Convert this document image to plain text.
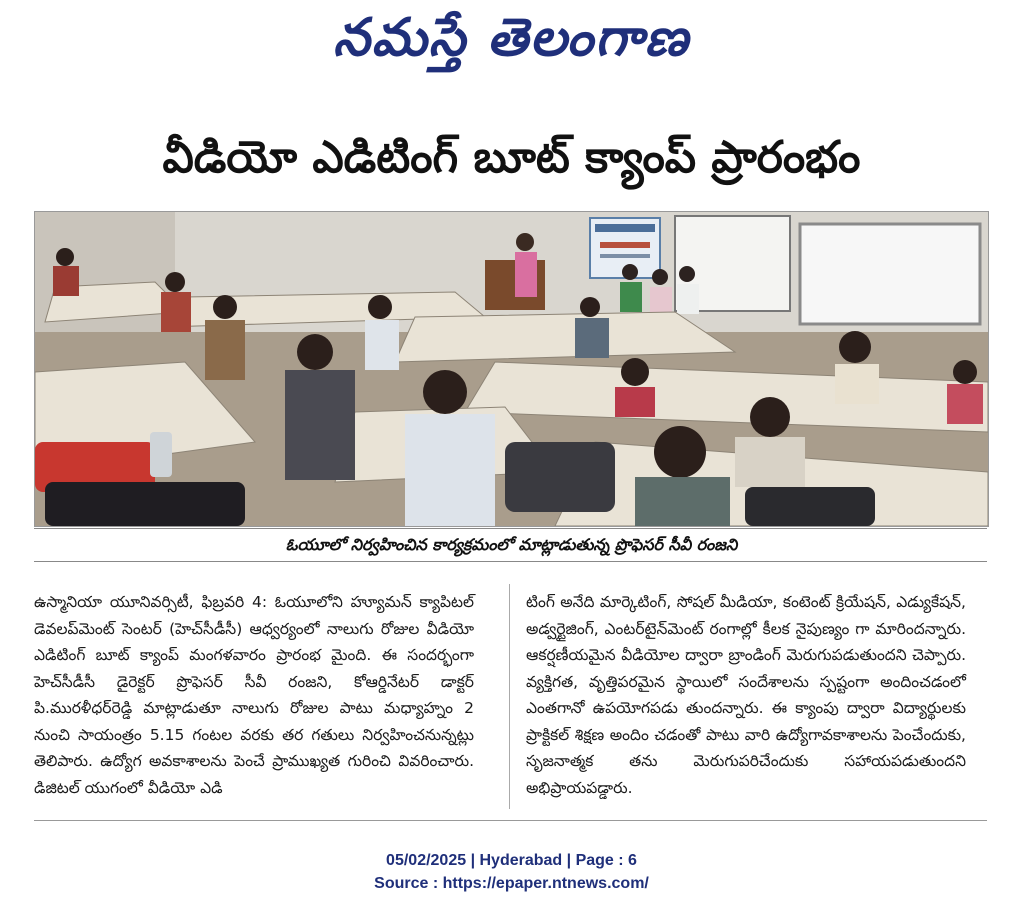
నమస్తే తెలంగాణ
వీడియో ఎడిటింగ్ బూట్ క్యాంప్ ప్రారంభం
ఓయూలో నిర్వహించిన కార్యక్రమంలో మాట్లాడుతున్న ప్రొఫెసర్ సీవీ రంజని
ఉస్మానియా యూనివర్సిటీ, ఫిబ్రవరి 4: ఓయూలోని హ్యూమన్ క్యాపిటల్ డెవలప్‌మెంట్ సెంటర్ (హెచ్‌సీడీసీ) ఆధ్వర్యంలో నాలుగు రోజుల వీడియో ఎడిటింగ్ బూట్ క్యాంప్ మంగళవారం ప్రారంభ మైంది. ఈ సందర్భంగా హెచ్‌సీడీసీ డైరెక్టర్ ప్రొఫెసర్ సీవీ రంజని, కోఆర్డినేటర్ డాక్టర్ పి.మురళీధర్‌రెడ్డి మాట్లాడుతూ నాలుగు రోజుల పాటు మధ్యాహ్నం 2 నుంచి సాయంత్రం 5.15 గంటల వరకు తర గతులు నిర్వహించనున్నట్లు తెలిపారు. ఉద్యోగ అవకాశాలను పెంచే ప్రాముఖ్యత గురించి వివరించారు. డిజిటల్ యుగంలో వీడియో ఎడి
టింగ్ అనేది మార్కెటింగ్, సోషల్ మీడియా, కంటెంట్ క్రియేషన్, ఎడ్యుకేషన్, అడ్వర్టైజింగ్, ఎంటర్‌టైన్‌మెంట్ రంగాల్లో కీలక నైపుణ్యం గా మారిందన్నారు. ఆకర్షణీయమైన వీడియోల ద్వారా బ్రాండింగ్ మెరుగుపడుతుందని చెప్పారు. వ్యక్తిగత, వృత్తిపరమైన స్థాయిలో సందేశాలను స్పష్టంగా అందించడంలో ఎంతగానో ఉపయోగపడు తుందన్నారు. ఈ క్యాంపు ద్వారా విద్యార్థులకు ప్రాక్టికల్ శిక్షణ అందిం చడంతో పాటు వారి ఉద్యోగావకాశాలను పెంచేందుకు, సృజనాత్మక తను మెరుగుపరిచేందుకు సహాయపడుతుందని అభిప్రాయపడ్డారు.
05/02/2025 | Hyderabad | Page : 6
Source : https://epaper.ntnews.com/
